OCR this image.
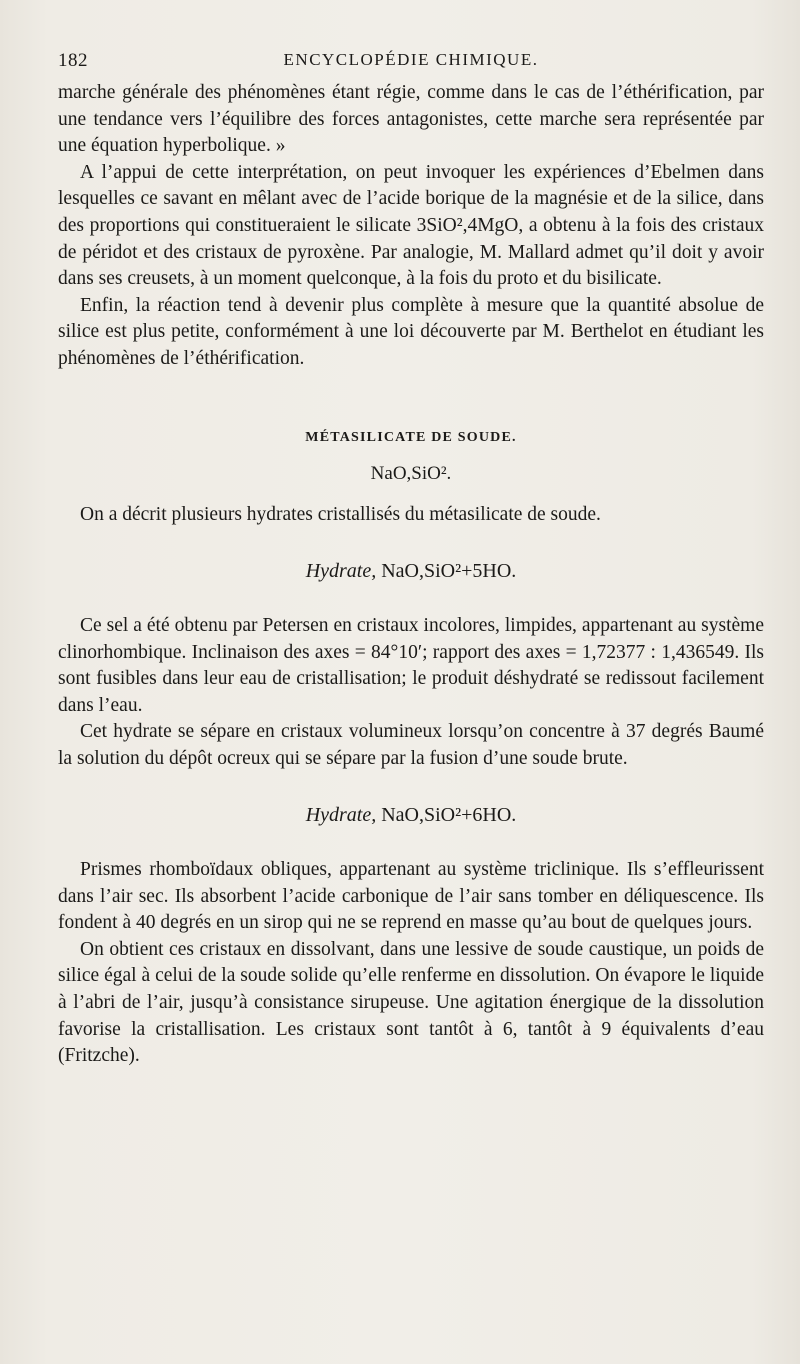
182	ENCYCLOPÉDIE CHIMIQUE.

marche générale des phénomènes étant régie, comme dans le cas de l’éthérification, par une tendance vers l’équilibre des forces antagonistes, cette marche sera représentée par une équation hyperbolique. »

A l’appui de cette interprétation, on peut invoquer les expériences d’Ebelmen dans lesquelles ce savant en mêlant avec de l’acide borique de la magnésie et de la silice, dans des proportions qui constitueraient le silicate 3SiO²,4MgO, a obtenu à la fois des cristaux de péridot et des cristaux de pyroxène. Par analogie, M. Mallard admet qu’il doit y avoir dans ses creusets, à un moment quelconque, à la fois du proto et du bisilicate.

Enfin, la réaction tend à devenir plus complète à mesure que la quantité absolue de silice est plus petite, conformément à une loi découverte par M. Berthelot en étudiant les phénomènes de l’éthérification.

MÉTASILICATE DE SOUDE.
NaO,SiO².

On a décrit plusieurs hydrates cristallisés du métasilicate de soude.

Hydrate, NaO,SiO²+5HO.

Ce sel a été obtenu par Petersen en cristaux incolores, limpides, appartenant au système clinorhombique. Inclinaison des axes = 84°10′; rapport des axes = 1,72377 : 1,436549. Ils sont fusibles dans leur eau de cristallisation; le produit déshydraté se redissout facilement dans l’eau.

Cet hydrate se sépare en cristaux volumineux lorsqu’on concentre à 37 degrés Baumé la solution du dépôt ocreux qui se sépare par la fusion d’une soude brute.

Hydrate, NaO,SiO²+6HO.

Prismes rhomboïdaux obliques, appartenant au système triclinique. Ils s’effleurissent dans l’air sec. Ils absorbent l’acide carbonique de l’air sans tomber en déliquescence. Ils fondent à 40 degrés en un sirop qui ne se reprend en masse qu’au bout de quelques jours.

On obtient ces cristaux en dissolvant, dans une lessive de soude caustique, un poids de silice égal à celui de la soude solide qu’elle renferme en dissolution. On évapore le liquide à l’abri de l’air, jusqu’à consistance sirupeuse. Une agitation énergique de la dissolution favorise la cristallisation. Les cristaux sont tantôt à 6, tantôt à 9 équivalents d’eau (Fritzche).
